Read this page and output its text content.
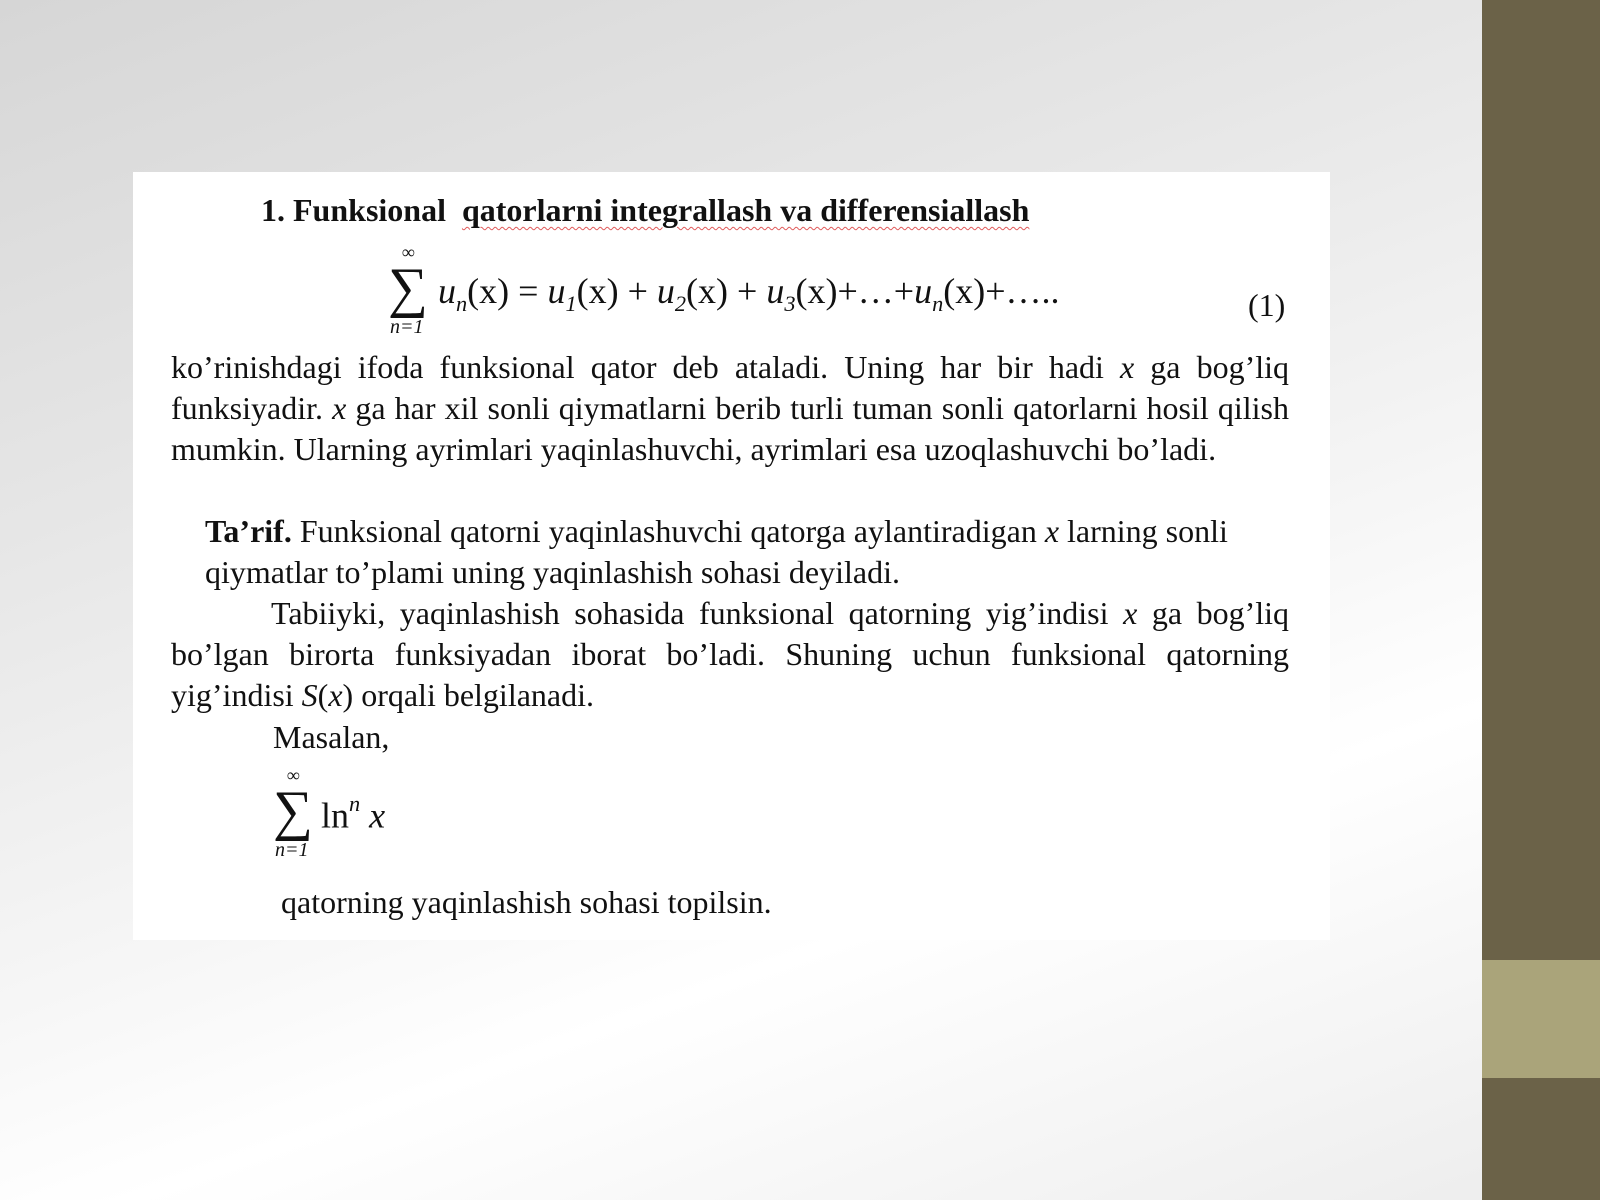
1. Funksional qatorlarni integrallash va differensiallash
∞
∑
n=1
$u_n(x) = u_1(x) + u_2(x)$ + $u_3(x)+\dots+u_n(x)+\dots$..	(1)

ko’rinishdagi ifoda funksional qator deb ataladi. Uning har bir hadi x ga bog’liq funksiyadir. x ga har xil sonli qiymatlarni berib turli tuman sonli qatorlarni hosil qilish mumkin. Ularning ayrimlari yaqinlashuvchi, ayrimlari esa uzoqlashuvchi bo’ladi.

Ta’rif. Funksional qatorni yaqinlashuvchi qatorga aylantiradigan x larning sonli qiymatlar to’plami uning yaqinlashish sohasi deyiladi.

Tabiiyki, yaqinlashish sohasida funksional qatorning yig’indisi x ga bog’liq bo’lgan birorta funksiyadan iborat bo’ladi. Shuning uchun funksional qatorning yig’indisi S(x) orqali belgilanadi.

Masalan,
∞
∑
n=1
$\ln^n x$
qatorning yaqinlashish sohasi topilsin.
